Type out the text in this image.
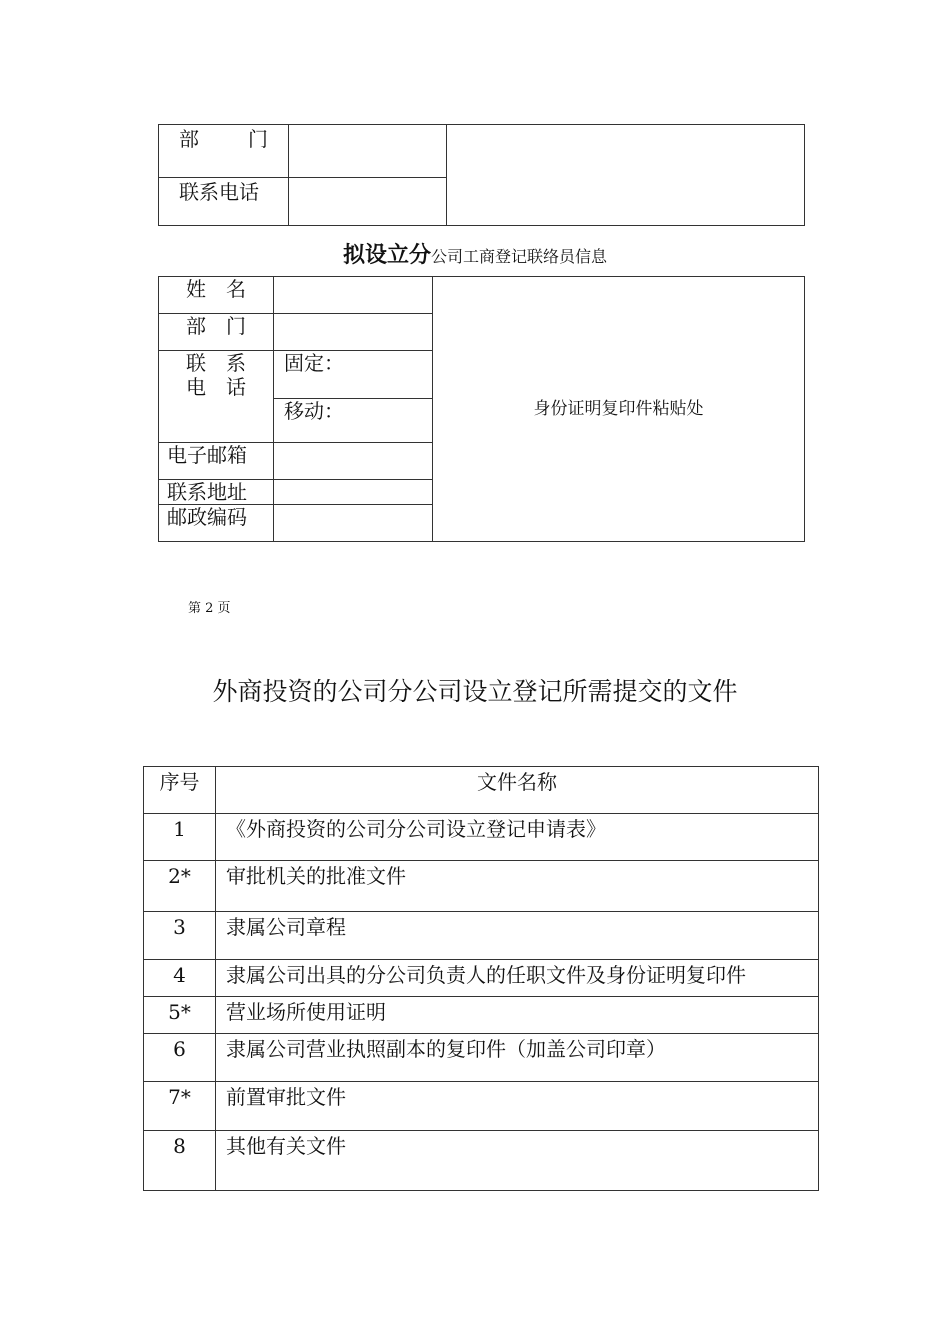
部 门		

联系电话		
拟设立分公司工商登记联络员信息
姓  名		身份证明复印件粘贴处
部  门		

联  系
电  话	固定：	
	移动：	
电子邮箱		
联系地址		
邮政编码		
第 2 页
外商投资的公司分公司设立登记所需提交的文件
序号	文件名称
1	《外商投资的公司分公司设立登记申请表》
2*	审批机关的批准文件
3	隶属公司章程
4	隶属公司出具的分公司负责人的任职文件及身份证明复印件
5*	营业场所使用证明
6	隶属公司营业执照副本的复印件（加盖公司印章）
7*	前置审批文件
8	其他有关文件
